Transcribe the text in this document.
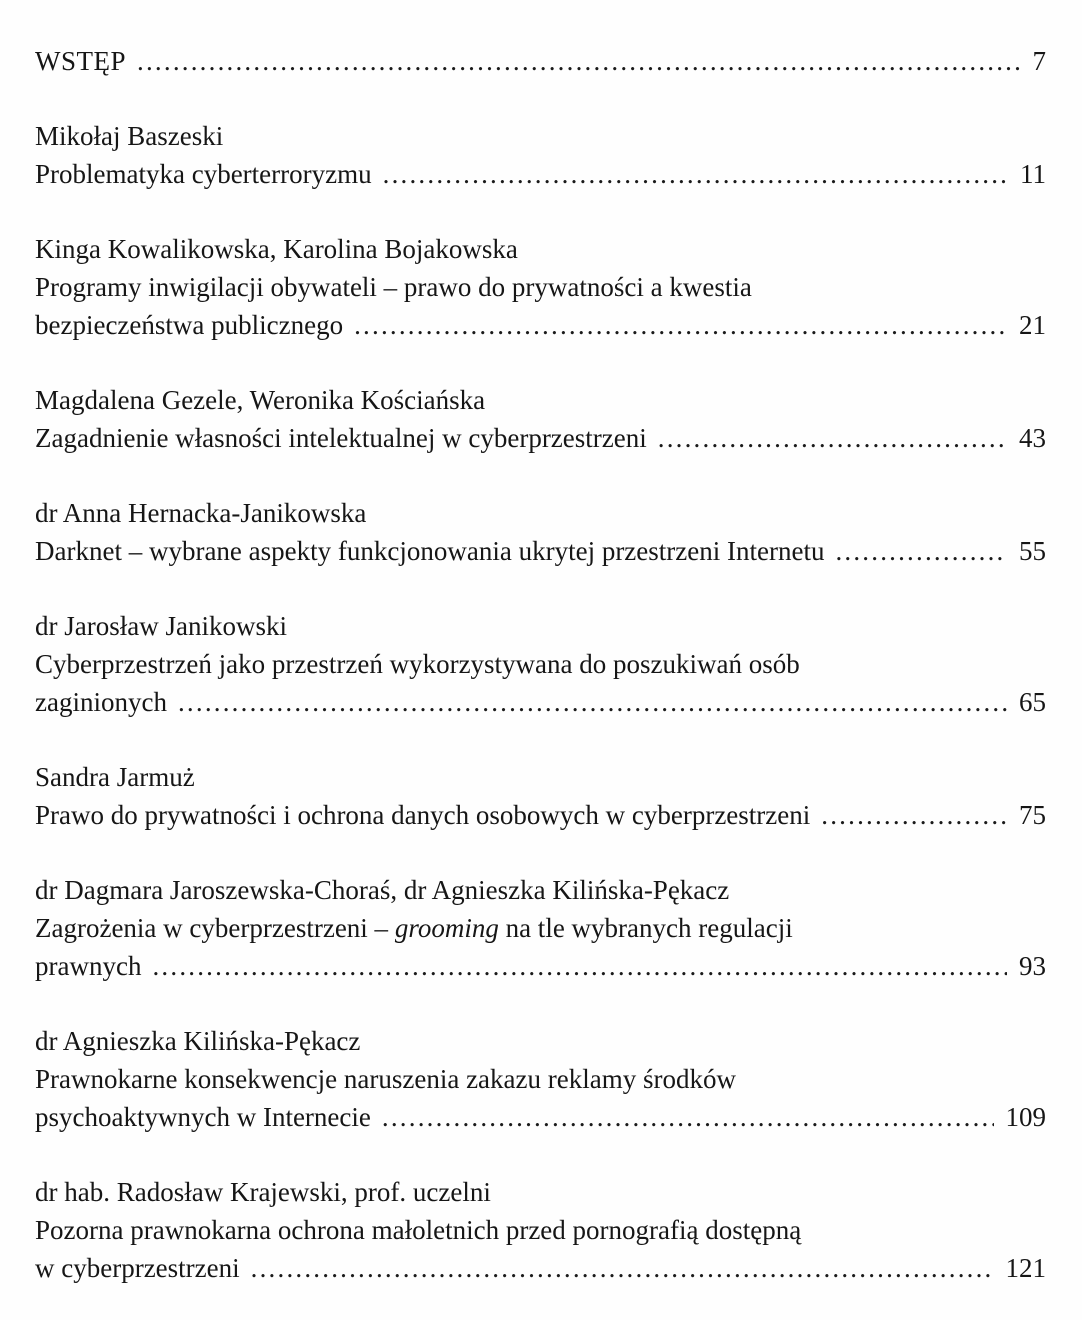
WSTĘP .....	7
Mikołaj Baszeski
Problematyka cyberterroryzmu .....	11
Kinga Kowalikowska, Karolina Bojakowska
Programy inwigilacji obywateli – prawo do prywatności a kwestia
bezpieczeństwa publicznego .....	21
Magdalena Gezele, Weronika Kościańska
Zagadnienie własności intelektualnej w cyberprzestrzeni .....	43
dr Anna Hernacka-Janikowska
Darknet – wybrane aspekty funkcjonowania ukrytej przestrzeni Internetu .....	55
dr Jarosław Janikowski
Cyberprzestrzeń jako przestrzeń wykorzystywana do poszukiwań osób
zaginionych .....	65
Sandra Jarmuż
Prawo do prywatności i ochrona danych osobowych w cyberprzestrzeni .....	75
dr Dagmara Jaroszewska-Choraś, dr Agnieszka Kilińska-Pękacz
Zagrożenia w cyberprzestrzeni – grooming na tle wybranych regulacji
prawnych .....	93
dr Agnieszka Kilińska-Pękacz
Prawnokarne konsekwencje naruszenia zakazu reklamy środków
psychoaktywnych w Internecie .....	109
dr hab. Radosław Krajewski, prof. uczelni
Pozorna prawnokarna ochrona małoletnich przed pornografią dostępną
w cyberprzestrzeni .....	121
